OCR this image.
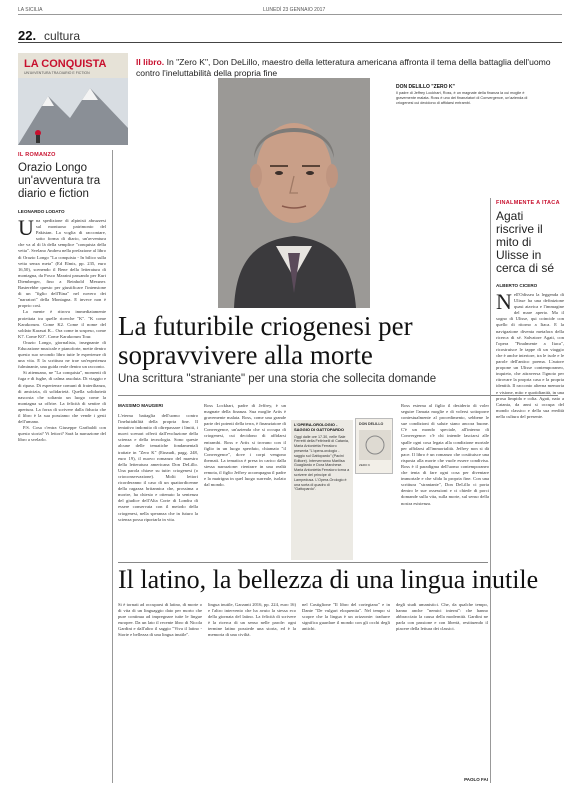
LA SICILIA	LUNEDÌ 23 GENNAIO 2017
22. cultura
LA CONQUISTA
UN'AVVENTURA TRA DIARIO E FICTION
Il libro. In "Zero K", Don DeLillo, maestro della letteratura americana affronta il tema della battaglia dell'uomo contro l'ineluttabilità della propria fine
DON DELILLO "ZERO K"
Il padre di Jeffrey Lockhart, Ross, è un magnate della finanza la cui moglie è gravemente malata. Ross è uno dei finanziatori di Convergence, un'azienda di criogenesi cui decidono di affidarsi entrambi.
IL ROMANZO
Orazio Longo un'avventura tra diario e fiction
LEONARDO LODATO
U na spedizione di alpinisti abruzzesi sul montuoso patrimonio del Pakistan. La voglia di raccontare, sotto forma di diario, un'avventura che va al di là della semplice "conquista della vetta". Svelano Andreu nella prefazione al libro di Orazio Longo "La conquista - In bilico sulla vetta senza meta" (Ed Elmis, pp. 235, euro 16,50), scenendo il Bene della letteratura di montagna, da Fosco Maraini passando per Kurt Diemberger, fino a Reinhold Messner. Basterebbe questo per giustificare l'intensione di un "figlio dell'Etna" nel novero dei "narratori" della Montagna. E invece non è proprio così.

La mente è ritrova immediatamente proiettata tra quelle ricerche "K". "K come Karakorum. Come K2. Come il nome del soldato Karasai K... Ora come in sospeso, come K7. Come K0". Come Karakorum Tour.

Orazio Longo, giornalista, insegnante di Educazione musicale e pianoforte, mette dentro questo suo secondo libro tutte le esperienze di una vita. E la scrittura ne trae un'esperienza fulminante, una guida reale dentro un racconto.

Si attenuano, ne "La conquista", momenti di fuga e di fughe, di calma assoluta. Di viaggio e di ripaso. Di esperienze comuni di frateriltanza, di amicizia, di solidarietà. Quella solidarietà nascosta che soltanto un luogo come la montagna sa offrire. La felicità di sentire di apertura. La forza di scrivere dalla fiducia che il libro è la sua possiamo che vende i gesti dell'umano.

P.S. Cosa c'entra Giuseppe Garibaldi con questo storia? Vi lettori? Sarà la narrazione del libro a svelarlo.

La futuribile criogenesi per sopravvivere alla morte
Una scrittura "straniante" per una storia che sollecita domande
MASSIMO MAUGERI
L'eterna battaglia dell'uomo contro l'ineluttabilità della propria fine. Il tentativo indomito di oltrepassare i limiti, i nuovi scenari offerti dall'evoluzione della scienza e della tecnologia. Sono queste alcune delle tematiche fondamentali trattate in "Zero K" (Einaudi, pagg. 248, euro 19), il nuovo romanzo del maestro della letteratura americana Don DeLillo. Una parola chiave su tutte: criogenesi (o crioconservazione). Molti lettori ricorderanno il caso di un quattordicenne della ragazza britannica che, prossima a morire, ha chiesto e ottenuto la sentenza del giudice dell'Alta Corte di Londra di essere conservata con il metodo della criogenesi, nella speranza che in futuro la scienza possa riportarla in vita.
Ross Lockhart, padre di Jeffrey, è un magnate della finanza. Sua moglie Artis è gravemente malata. Ross, come una grande parte dei potenti della terra, è finanziatore di Convergence, un'azienda che si occupa di criogenesi, cui decidono di affidarsi entrambi. Ross e Artis si trovano con il figlio in un luogo sperduto, chiamato "il Convergence", dove i corpi vengono ibernati. La tematica è presa in carico dalla stessa narrazione: rientrare in una realtà remota, il figlio Jeffrey accompagna il padre e la matrigna in quel luogo surreale, isolato dal mondo.
L'OPERA-OROLOGIO - SAGGIO DI GATTOPARDO
Oggi dalle ore 17.30, nelle Sale Ferretti della Feltrinelli di Catania, Maria Antonietta Ferraloro presenta "L'opera-orologio - saggio sul Gattopardo" (Pacini Editore). Interverranno Marilisa Guagliardo e Dora Marchese. Maria Antonietta Ferraloro torna a scrivere del principe di Lampedusa. L'Opera-Orologio è una sorta di quadro di "Gattopardo".
DON DELILLO
ZERO K
Ross esterna al figlio il desiderio di voler seguire l'amata moglie e di volersi sottoporre contestualmente al procedimento, sebbene le sue condizioni di salute siano ancora buone. C'è un mondo speciale, all'interno di Convergence: c'è chi intende lasciarsi alle spalle ogni cosa legata alla condizione mortale per affidarsi all'immortalità. Jeffrey non si dà pace. Il libro è un romanzo che costituisce una risposta alla morte che vuole essere condivisa. Ross è il paradigma dell'uomo contemporaneo che tenta di fare ogni cosa per diventare immortale e che sfida la propria fine. Con una scrittura "straniante", Don DeLillo ci porta dentro le sue ossessioni e ci chiede di porci domande sulla vita, sulla morte, sul senso della nostra esistenza.
Il latino, la bellezza di una lingua inutile
Si è tornati ad occuparsi di latino, di morte o di vita di un linguaggio dato per morto che pure continua ad impregnare tutte le lingue europee. Da un lato il recente libro di Nicola Gardini e dall'altro il saggio "Viva il latino - Storie e bellezza di una lingua inutile".
lingua inutile, Garzanti 2016, pp. 224, euro 16) e l'altro intervento che ha avuto la stessa eco della giornata del latino. La felicità di scrivere è la ricerca di un senso nelle parole: ogni termine latino possiede una storia, ed è la memoria di una civiltà.
nel Castiglione "Il libro del cortegiano" e in Dante "De vulgari eloquentia". Nel tempo si scopre che la lingua è un orizzonte: tradurre significa guardare il mondo con gli occhi degli antichi.
degli studi umanistici. Che, da qualche tempo, hanno anche "nemici interni": che hanno abbracciato la causa della modernità. Gardini ne parla con passione e con libertà, restituendo il piacere della lettura dei classici.
PAOLO FAI
FINALMENTE A ITACA
Agati riscrive il mito di Ulisse in cerca di sé
ALBERTO CICERO
N ell'Odissea la leggenda di Ulisse ha una definizione quasi atavica e l'immagine del mare aperto. Ma il sogno di Ulisse, qui coincide con quello di ritorno a Itaca. E la navigazione diventa metafora della ricerca di sé. Salvatore Agati, con l'opera "Finalmente a Itaca", ricostruisce le tappe di un viaggio che è anche interiore, tra le isole e le parole dell'antico poema. L'autore propone un Ulisse contemporaneo, inquieto, che attraversa l'ignoto per ritrovare la propria casa e la propria identità. Il racconto alterna memoria e visione, mito e quotidianità, in una prosa limpida e colta. Agati, nato a Catania, da anni si occupa del mondo classico e della sua eredità nella cultura del presente.
